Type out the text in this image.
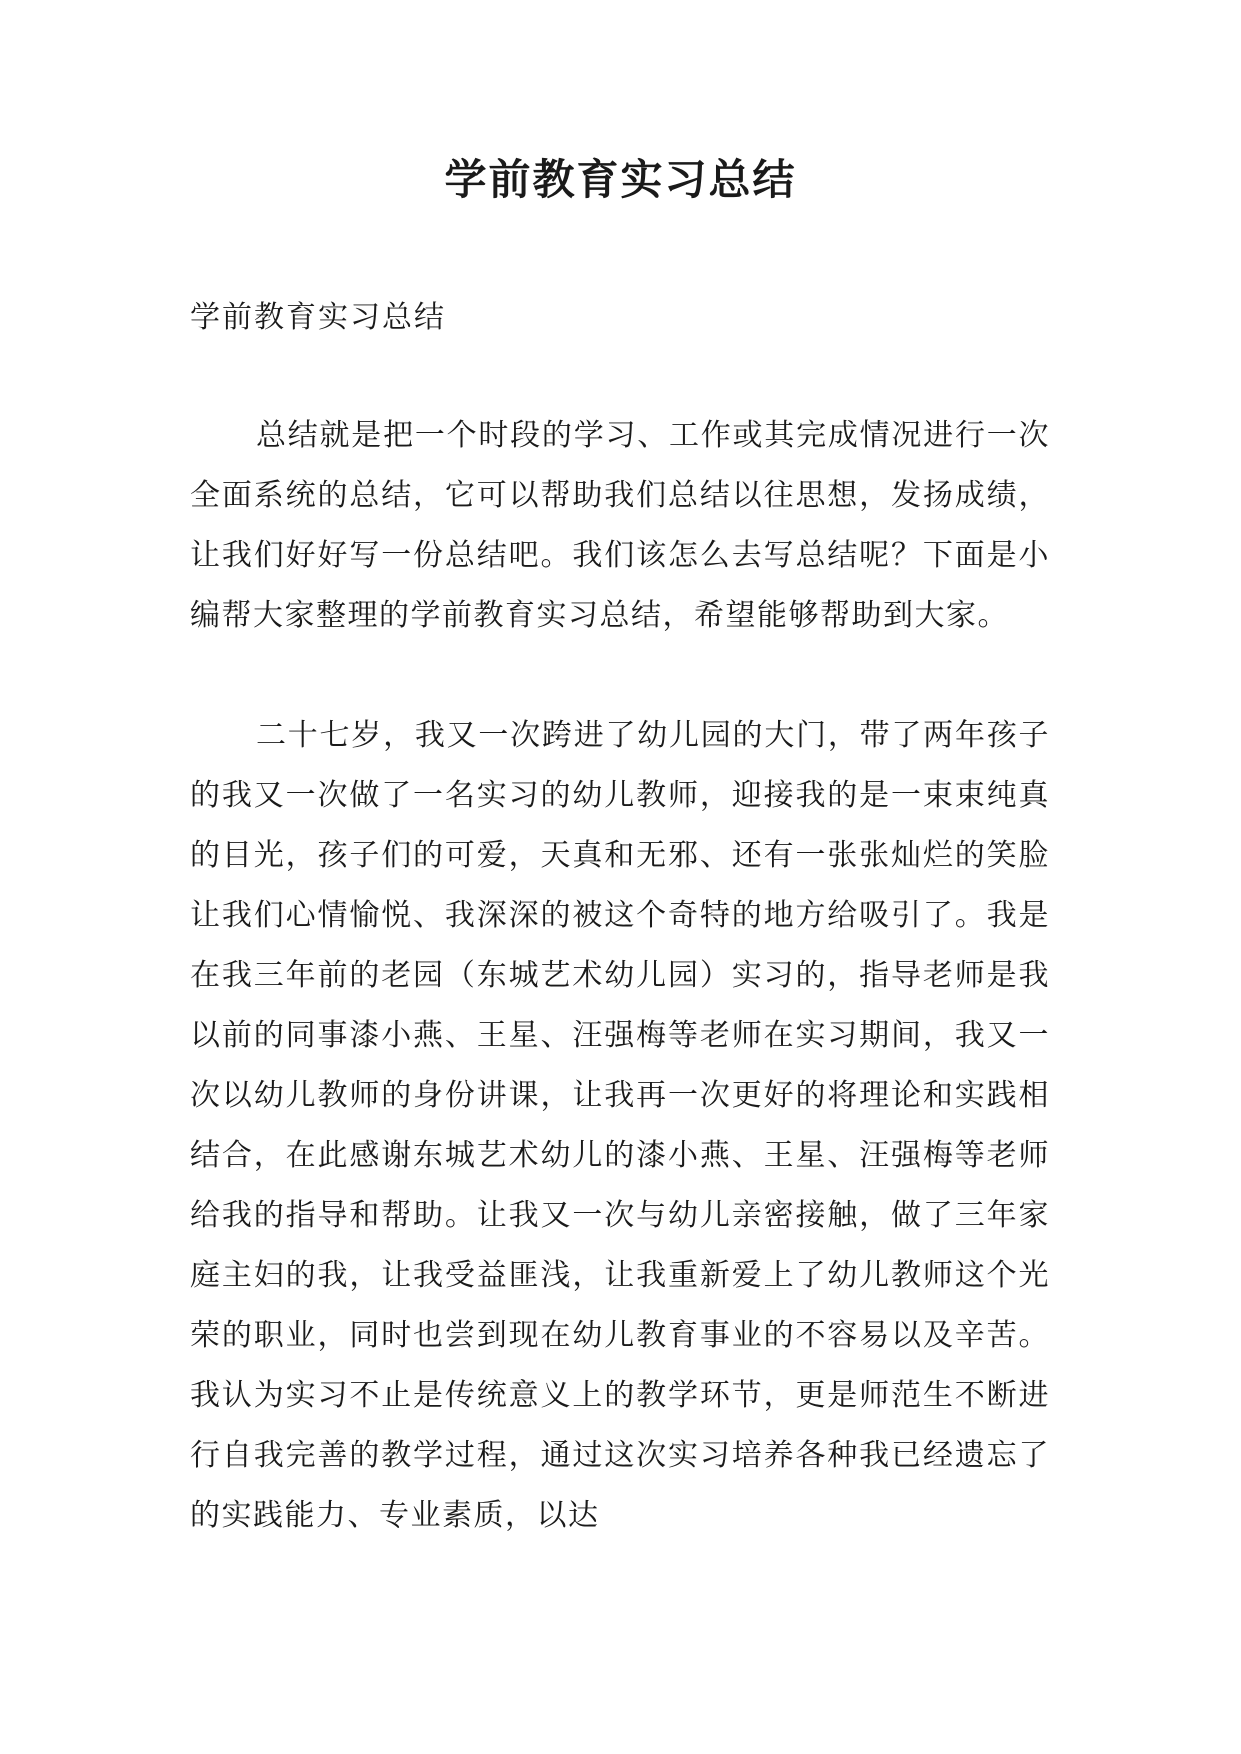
学前教育实习总结

学前教育实习总结

总结就是把一个时段的学习、工作或其完成情况进行一次全面系统的总结，它可以帮助我们总结以往思想，发扬成绩，让我们好好写一份总结吧。我们该怎么去写总结呢？下面是小编帮大家整理的学前教育实习总结，希望能够帮助到大家。

二十七岁，我又一次跨进了幼儿园的大门，带了两年孩子的我又一次做了一名实习的幼儿教师，迎接我的是一束束纯真的目光，孩子们的可爱，天真和无邪、还有一张张灿烂的笑脸让我们心情愉悦、我深深的被这个奇特的地方给吸引了。我是在我三年前的老园（东城艺术幼儿园）实习的，指导老师是我以前的同事漆小燕、王星、汪强梅等老师在实习期间，我又一次以幼儿教师的身份讲课，让我再一次更好的将理论和实践相结合，在此感谢东城艺术幼儿的漆小燕、王星、汪强梅等老师给我的指导和帮助。让我又一次与幼儿亲密接触，做了三年家庭主妇的我，让我受益匪浅，让我重新爱上了幼儿教师这个光荣的职业，同时也尝到现在幼儿教育事业的不容易以及辛苦。我认为实习不止是传统意义上的教学环节，更是师范生不断进行自我完善的教学过程，通过这次实习培养各种我已经遗忘了的实践能力、专业素质，以达
